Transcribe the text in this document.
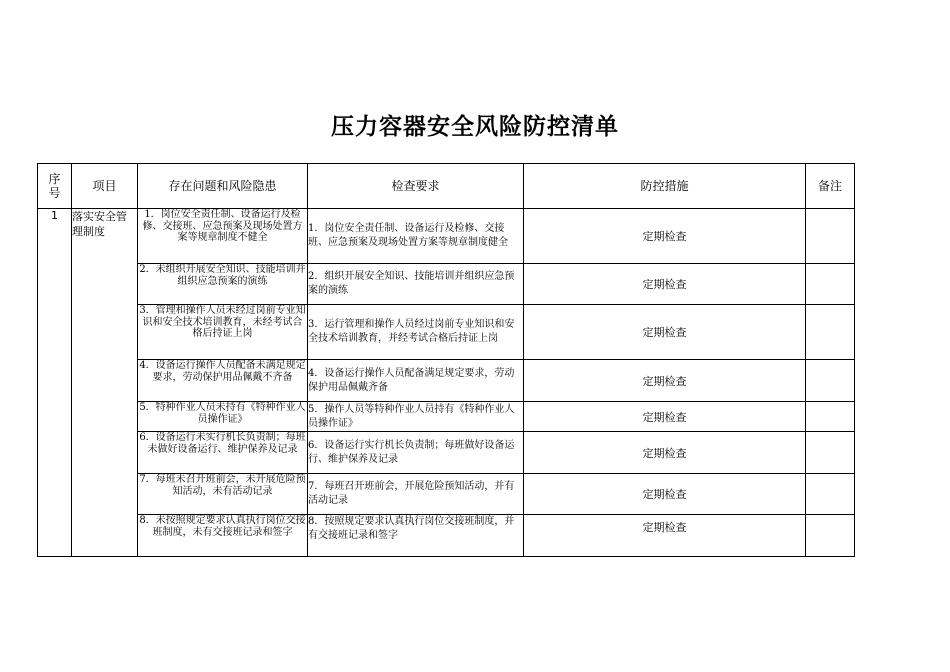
压力容器安全风险防控清单
序号	项目	存在问题和风险隐患	检查要求	防控措施	备注
1	落实安全管理制度	1．岗位安全责任制、设备运行及检修、交接班、应急预案及现场处置方案等规章制度不健全	1．岗位安全责任制、设备运行及检修、交接班、应急预案及现场处置方案等规章制度健全	定期检查	
		2．未组织开展安全知识、技能培训并组织应急预案的演练	2．组织开展安全知识、技能培训并组织应急预案的演练	定期检查	
		3．管理和操作人员未经过岗前专业知识和安全技术培训教育，未经考试合格后持证上岗	3．运行管理和操作人员经过岗前专业知识和安全技术培训教育，并经考试合格后持证上岗	定期检查	
		4．设备运行操作人员配备未满足规定要求，劳动保护用品佩戴不齐备	4．设备运行操作人员配备满足规定要求，劳动保护用品佩戴齐备	定期检查	
		5．特种作业人员未持有《特种作业人员操作证》	5．操作人员等特种作业人员持有《特种作业人员操作证》	定期检查	
		6．设备运行未实行机长负责制；每班未做好设备运行、维护保养及记录	6．设备运行实行机长负责制；每班做好设备运行、维护保养及记录	定期检查	
		7．每班未召开班前会，未开展危险预知活动，未有活动记录	7．每班召开班前会，开展危险预知活动，并有活动记录	定期检查	
		8．未按照规定要求认真执行岗位交接班制度，未有交接班记录和签字	8．按照规定要求认真执行岗位交接班制度，并有交接班记录和签字	定期检查	
